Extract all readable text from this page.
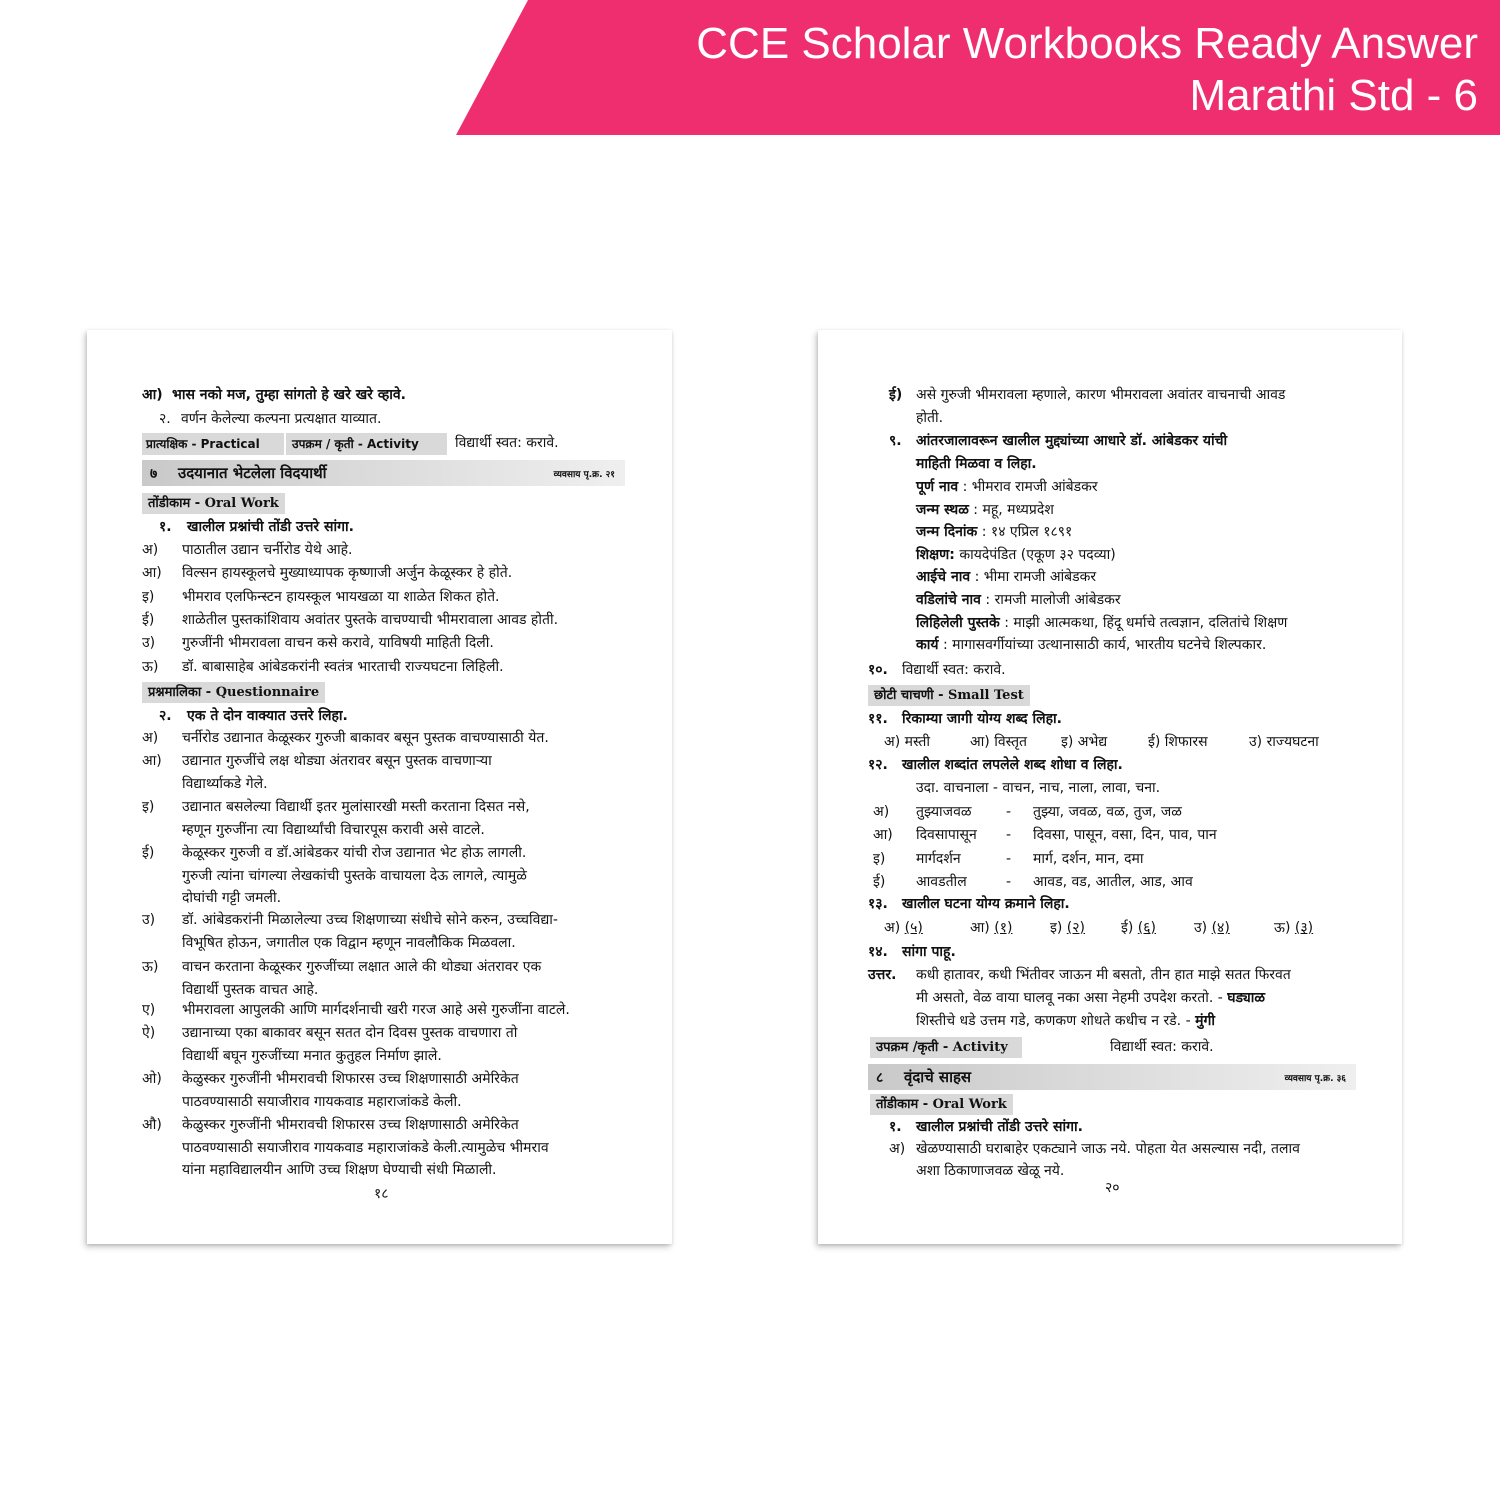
CCE Scholar Workbooks Ready Answer
Marathi Std - 6
आ) भास नको मज, तुम्हा सांगतो हे खरे खरे व्हावे.
२. वर्णन केलेल्या कल्पना प्रत्यक्षात याव्यात.
प्रात्यक्षिक - Practical	उपक्रम / कृती - Activity	विद्यार्थी स्वत: करावे.
७ उदयानात भेटलेला विदयार्थी	व्यवसाय पृ.क्र. २१
तोंडीकाम - Oral Work
१. खालील प्रश्नांची तोंडी उत्तरे सांगा.
अ) पाठातील उद्यान चर्नीरोड येथे आहे.
आ) विल्सन हायस्कूलचे मुख्याध्यापक कृष्णाजी अर्जुन केळूस्कर हे होते.
इ) भीमराव एलफिन्स्टन हायस्कूल भायखळा या शाळेत शिकत होते.
ई) शाळेतील पुस्तकांशिवाय अवांतर पुस्तके वाचण्याची भीमरावाला आवड होती.
उ) गुरुजींनी भीमरावला वाचन कसे करावे, याविषयी माहिती दिली.
ऊ) डॉ. बाबासाहेब आंबेडकरांनी स्वतंत्र भारताची राज्यघटना लिहिली.
प्रश्नमालिका - Questionnaire
२. एक ते दोन वाक्यात उत्तरे लिहा.
अ) चर्नीरोड उद्यानात केळूस्कर गुरुजी बाकावर बसून पुस्तक वाचण्यासाठी येत.
आ) उद्यानात गुरुजींचे लक्ष थोड्या अंतरावर बसून पुस्तक वाचणाऱ्या
विद्यार्थ्याकडे गेले.
इ) उद्यानात बसलेल्या विद्यार्थी इतर मुलांसारखी मस्ती करताना दिसत नसे,
म्हणून गुरुजींना त्या विद्यार्थ्यांची विचारपूस करावी असे वाटले.
ई) केळूस्कर गुरुजी व डॉ.आंबेडकर यांची रोज उद्यानात भेट होऊ लागली.
गुरुजी त्यांना चांगल्या लेखकांची पुस्तके वाचायला देऊ लागले, त्यामुळे
दोघांची गट्टी जमली.
उ) डॉ. आंबेडकरांनी मिळालेल्या उच्च शिक्षणाच्या संधीचे सोने करुन, उच्चविद्या-
विभूषित होऊन, जगातील एक विद्वान म्हणून नावलौकिक मिळवला.
ऊ) वाचन करताना केळूस्कर गुरुजींच्या लक्षात आले की थोड्या अंतरावर एक
विद्यार्थी पुस्तक वाचत आहे.
ए) भीमरावला आपुलकी आणि मार्गदर्शनाची खरी गरज आहे असे गुरुजींना वाटले.
ऐ) उद्यानाच्या एका बाकावर बसून सतत दोन दिवस पुस्तक वाचणारा तो
विद्यार्थी बघून गुरुजींच्या मनात कुतुहल निर्माण झाले.
ओ) केळुस्कर गुरुजींनी भीमरावची शिफारस उच्च शिक्षणासाठी अमेरिकेत
पाठवण्यासाठी सयाजीराव गायकवाड महाराजांकडे केली.
औ) केळुस्कर गुरुजींनी भीमरावची शिफारस उच्च शिक्षणासाठी अमेरिकेत
पाठवण्यासाठी सयाजीराव गायकवाड महाराजांकडे केली.त्यामुळेच भीमराव
यांना महाविद्यालयीन आणि उच्च शिक्षण घेण्याची संधी मिळाली.
१८
ई) असे गुरुजी भीमरावला म्हणाले, कारण भीमरावला अवांतर वाचनाची आवड
होती.
९. आंतरजालावरून खालील मुद्द्यांच्या आधारे डॉ. आंबेडकर यांची
माहिती मिळवा व लिहा.
पूर्ण नाव : भीमराव रामजी आंबेडकर
जन्म स्थळ : महू, मध्यप्रदेश
जन्म दिनांक : १४ एप्रिल १८९१
शिक्षण: कायदेपंडित (एकूण ३२ पदव्या)
आईचे नाव : भीमा रामजी आंबेडकर
वडिलांचे नाव : रामजी मालोजी आंबेडकर
लिहिलेली पुस्तके : माझी आत्मकथा, हिंदू धर्माचे तत्वज्ञान, दलितांचे शिक्षण
कार्य : मागासवर्गीयांच्या उत्थानासाठी कार्य, भारतीय घटनेचे शिल्पकार.
१०. विद्यार्थी स्वत: करावे.
छोटी चाचणी - Small Test
११. रिकाम्या जागी योग्य शब्द लिहा.
अ) मस्ती	आ) विस्तृत इ) अभेद्य	ई) शिफारस	उ) राज्यघटना
१२. खालील शब्दांत लपलेले शब्द शोधा व लिहा.
उदा. वाचनाला - वाचन, नाच, नाला, लावा, चना.
अ) तुझ्याजवळ - तुझ्या, जवळ, वळ, तुज, जळ
आ) दिवसापासून - दिवसा, पासून, वसा, दिन, पाव, पान
इ) मार्गदर्शन	- मार्ग, दर्शन, मान, दमा
ई) आवडतील	- आवड, वड, आतील, आड, आव
१३. खालील घटना योग्य क्रमाने लिहा.
अ) (५)	आ) (१)	इ) (२)	ई) (६)	उ) (४)	ऊ) (३)
१४. सांगा पाहू.
उत्तर. कधी हातावर, कधी भिंतीवर जाऊन मी बसतो, तीन हात माझे सतत फिरवत
मी असतो, वेळ वाया घालवू नका असा नेहमी उपदेश करतो. - घड्याळ
शिस्तीचे धडे उत्तम गडे, कणकण शोधते कधीच न रडे. - मुंगी
उपक्रम /कृती - Activity	विद्यार्थी स्वत: करावे.
८ वृंदाचे साहस	व्यवसाय पृ.क्र. ३६
तोंडीकाम - Oral Work
१. खालील प्रश्नांची तोंडी उत्तरे सांगा.
अ) खेळण्यासाठी घराबाहेर एकट्याने जाऊ नये. पोहता येत असल्यास नदी, तलाव
अशा ठिकाणाजवळ खेळू नये.
२०
